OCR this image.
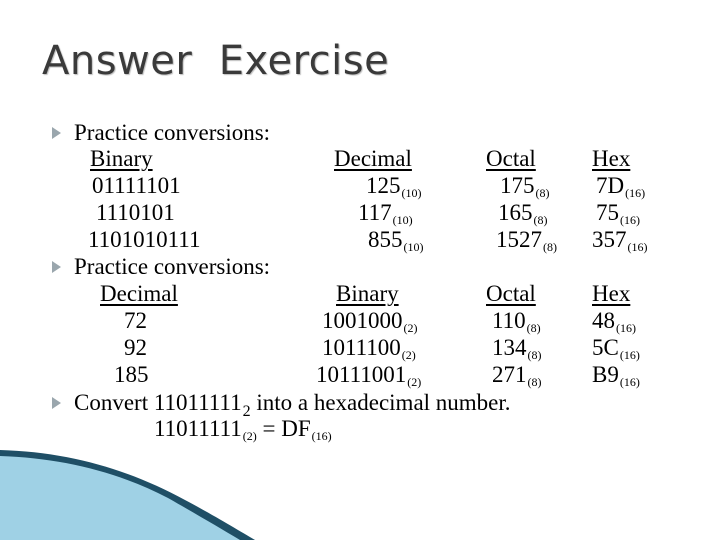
Answer  Exercise
Practice conversions:
Binary	Decimal	Octal Hex
01111101	125(10)	175(8) 7D(16)
1110101	117(10)	165(8) 75(16)
1101010111	855(10)	1527(8) 357(16)
Practice conversions:
Decimal	Binary	Octal Hex
72	1001000(2)	110(8) 48(16)
92	1011100(2)	134(8) 5C(16)
185	10111001(2)	271(8) B9(16)
Convert $11011111_2$ into a hexadecimal number.
11011111(2) = DF(16)
